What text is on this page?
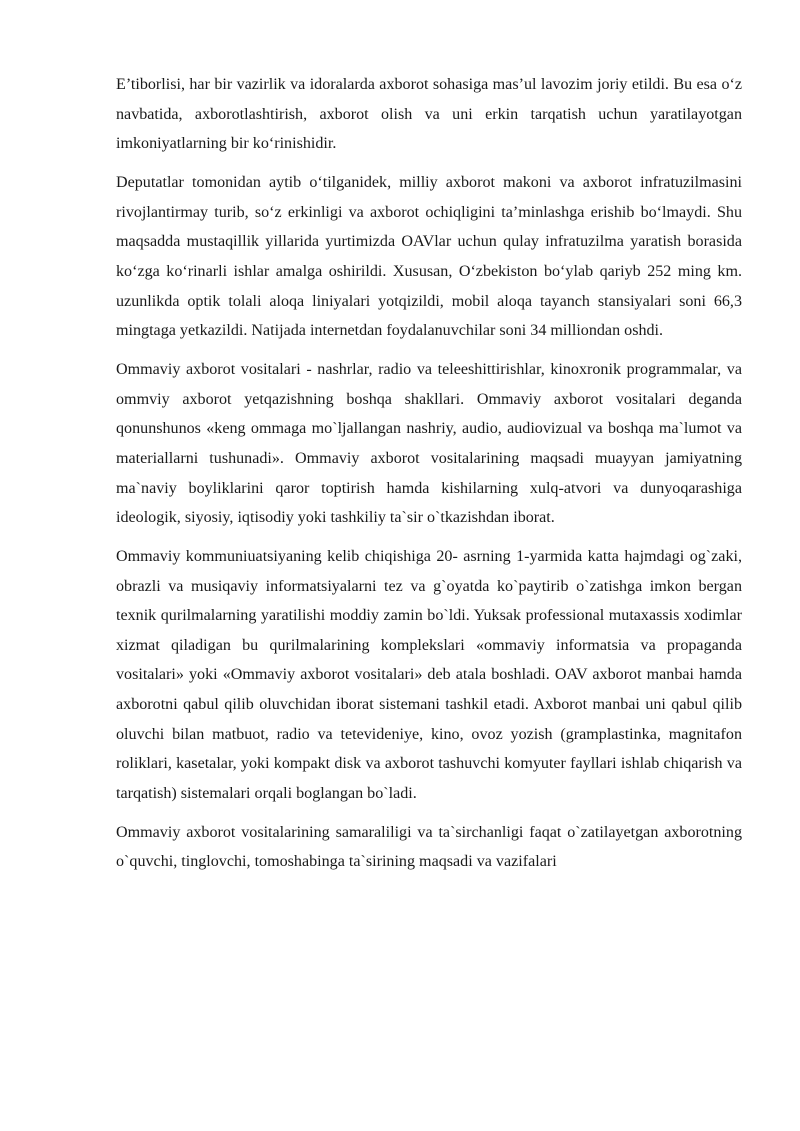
E’tiborlisi, har bir vazirlik va idoralarda axborot sohasiga mas’ul lavozim joriy etildi. Bu esa oʻz navbatida, axborotlashtirish, axborot olish va uni erkin tarqatish uchun yaratilayotgan imkoniyatlarning bir koʻrinishidir.

Deputatlar tomonidan aytib oʻtilganidek, milliy axborot makoni va axborot infratuzilmasini rivojlantirmay turib, soʻz erkinligi va axborot ochiqligini ta’minlashga erishib boʻlmaydi. Shu maqsadda mustaqillik yillarida yurtimizda OAVlar uchun qulay infratuzilma yaratish borasida koʻzga koʻrinarli ishlar amalga oshirildi. Xususan, Oʻzbekiston boʻylab qariyb 252 ming km. uzunlikda optik tolali aloqa liniyalari yotqizildi, mobil aloqa tayanch stansiyalari soni 66,3 mingtaga yetkazildi. Natijada internetdan foydalanuvchilar soni 34 milliondan oshdi.

Ommaviy axborot vositalari - nashrlar, radio va teleeshittirishlar, kinoxronik programmalar, va ommviy axborot yetqazishning boshqa shakllari. Ommaviy axborot vositalari deganda qonunshunos «keng ommaga mo`ljallangan nashriy, audio, audiovizual va boshqa ma`lumot va materiallarni tushunadi». Ommaviy axborot vositalarining maqsadi muayyan jamiyatning ma`naviy boyliklarini qaror toptirish hamda kishilarning xulq-atvori va dunyoqarashiga ideologik, siyosiy, iqtisodiy yoki tashkiliy ta`sir o`tkazishdan iborat.

Ommaviy kommuniuatsiyaning kelib chiqishiga 20- asrning 1-yarmida katta hajmdagi og`zaki, obrazli va musiqaviy informatsiyalarni tez va g`oyatda ko`paytirib o`zatishga imkon bergan texnik qurilmalarning yaratilishi moddiy zamin bo`ldi. Yuksak professional mutaxassis xodimlar xizmat qiladigan bu qurilmalarining komplekslari «ommaviy informatsia va propaganda vositalari» yoki «Ommaviy axborot vositalari» deb atala boshladi. OAV axborot manbai hamda axborotni qabul qilib oluvchidan iborat sistemani tashkil etadi. Axborot manbai uni qabul qilib oluvchi bilan matbuot, radio va tetevideniye, kino, ovoz yozish (gramplastinka, magnitafon roliklari, kasetalar, yoki kompakt disk va axborot tashuvchi komyuter fayllari ishlab chiqarish va tarqatish) sistemalari orqali boglangan bo`ladi.

Ommaviy axborot vositalarining samaraliligi va ta`sirchanligi faqat o`zatilayetgan axborotning o`quvchi, tinglovchi, tomoshabinga ta`sirining maqsadi va vazifalari
